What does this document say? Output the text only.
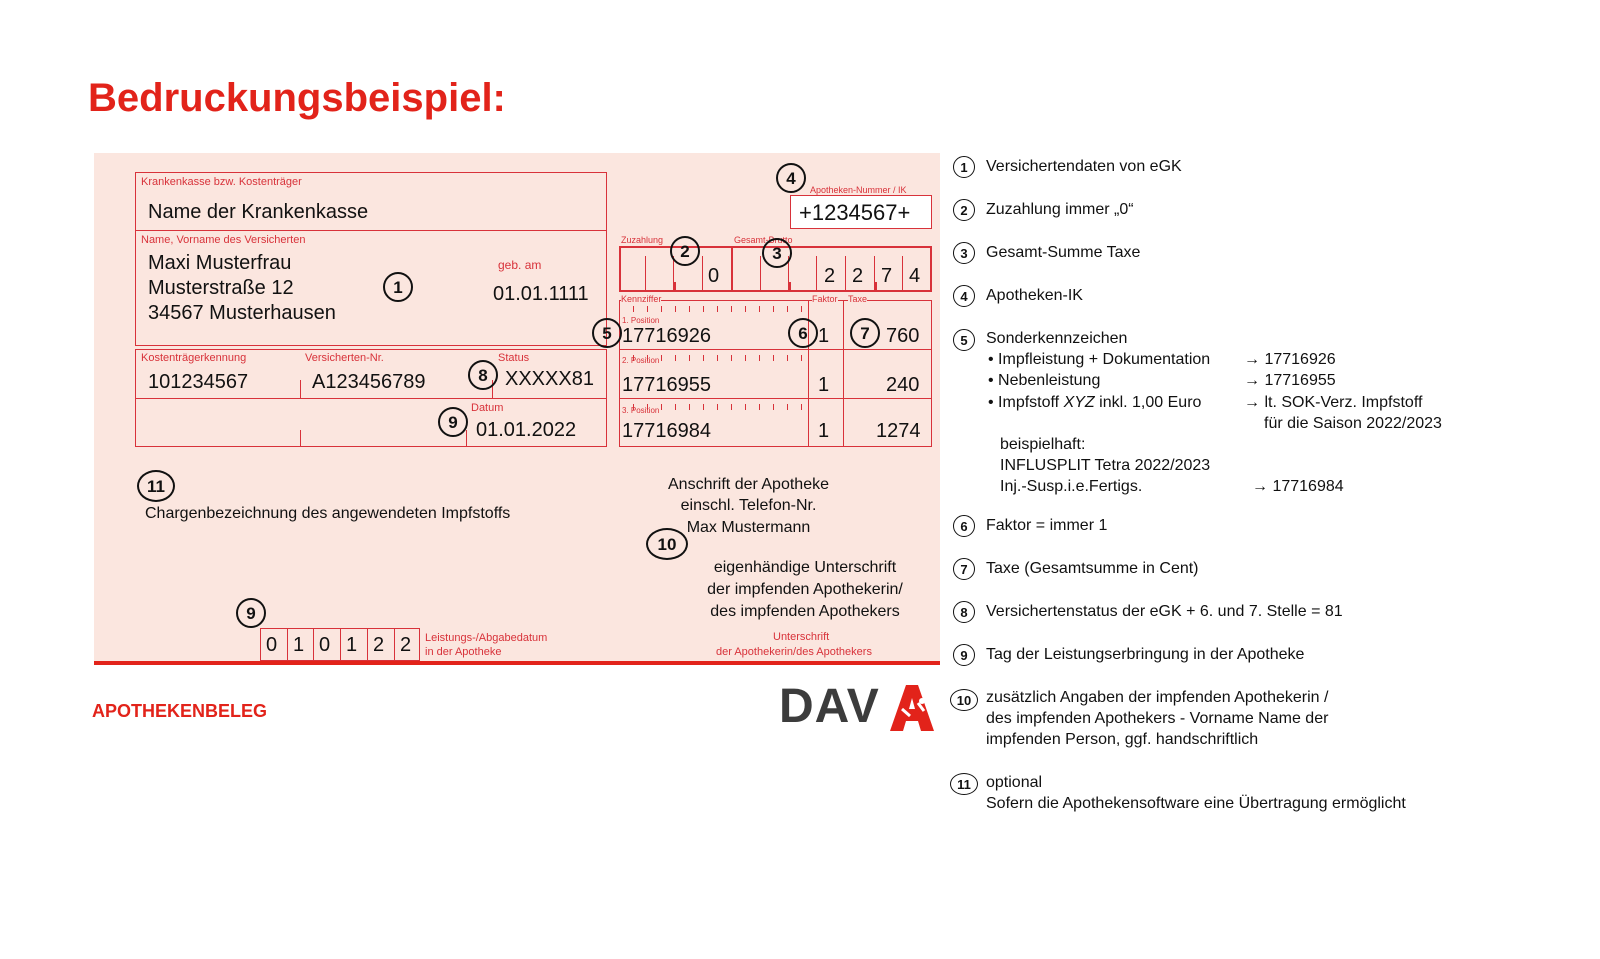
Bedruckungsbeispiel:
Krankenkasse bzw. Kostenträger
Name der Krankenkasse
Name, Vorname des Versicherten
Maxi Musterfrau
Musterstraße 12
34567 Musterhausen
geb. am
01.01.1111
1
Kostenträgerkennung
101234567
Versicherten-Nr.
A123456789
Status
XXXXX81
8
Datum
01.01.2022
9
4
Apotheken-Nummer / IK
+1234567+
Zuzahlung	Gesamt-Brutto
0	2 2 7 4
2	3
Kennziffer	Faktor Taxe
1. Position
17716926	1	760
2. Position
17716955	1	240
3. Position
17716984	1 1274
5	6	7
11
Chargenbezeichnung des angewendeten Impfstoffs
Anschrift der Apotheke
einschl. Telefon-Nr.
Max Mustermann
10
eigenhändige Unterschrift
der impfenden Apothekerin/
des impfenden Apothekers
Unterschrift
der Apothekerin/des Apothekers
9
0 1 0 1 2 2 Leistungs-/Abgabedatum
in der Apotheke
APOTHEKENBELEG	DAV
1	Versichertendaten von eGK
2	Zuzahlung immer „0“
3	Gesamt-Summe Taxe
4	Apotheken-IK
5	Sonderkennzeichen
• Impfleistung + Dokumentation → 17716926
• Nebenleistung	→ 17716955
• Impfstoff XYZ inkl. 1,00 Euro	→ lt. SOK-Verz. Impfstoff
für die Saison 2022/2023
beispielhaft:
INFLUSPLIT Tetra 2022/2023
Inj.-Susp.i.e.Fertigs.	→ 17716984
6	Faktor = immer 1
7	Taxe (Gesamtsumme in Cent)
8	Versichertenstatus der eGK + 6. und 7. Stelle = 81
9	Tag der Leistungserbringung in der Apotheke
10 zusätzlich Angaben der impfenden Apothekerin /
des impfenden Apothekers - Vorname Name der
impfenden Person, ggf. handschriftlich
11 optional
Sofern die Apothekensoftware eine Übertragung ermöglicht
